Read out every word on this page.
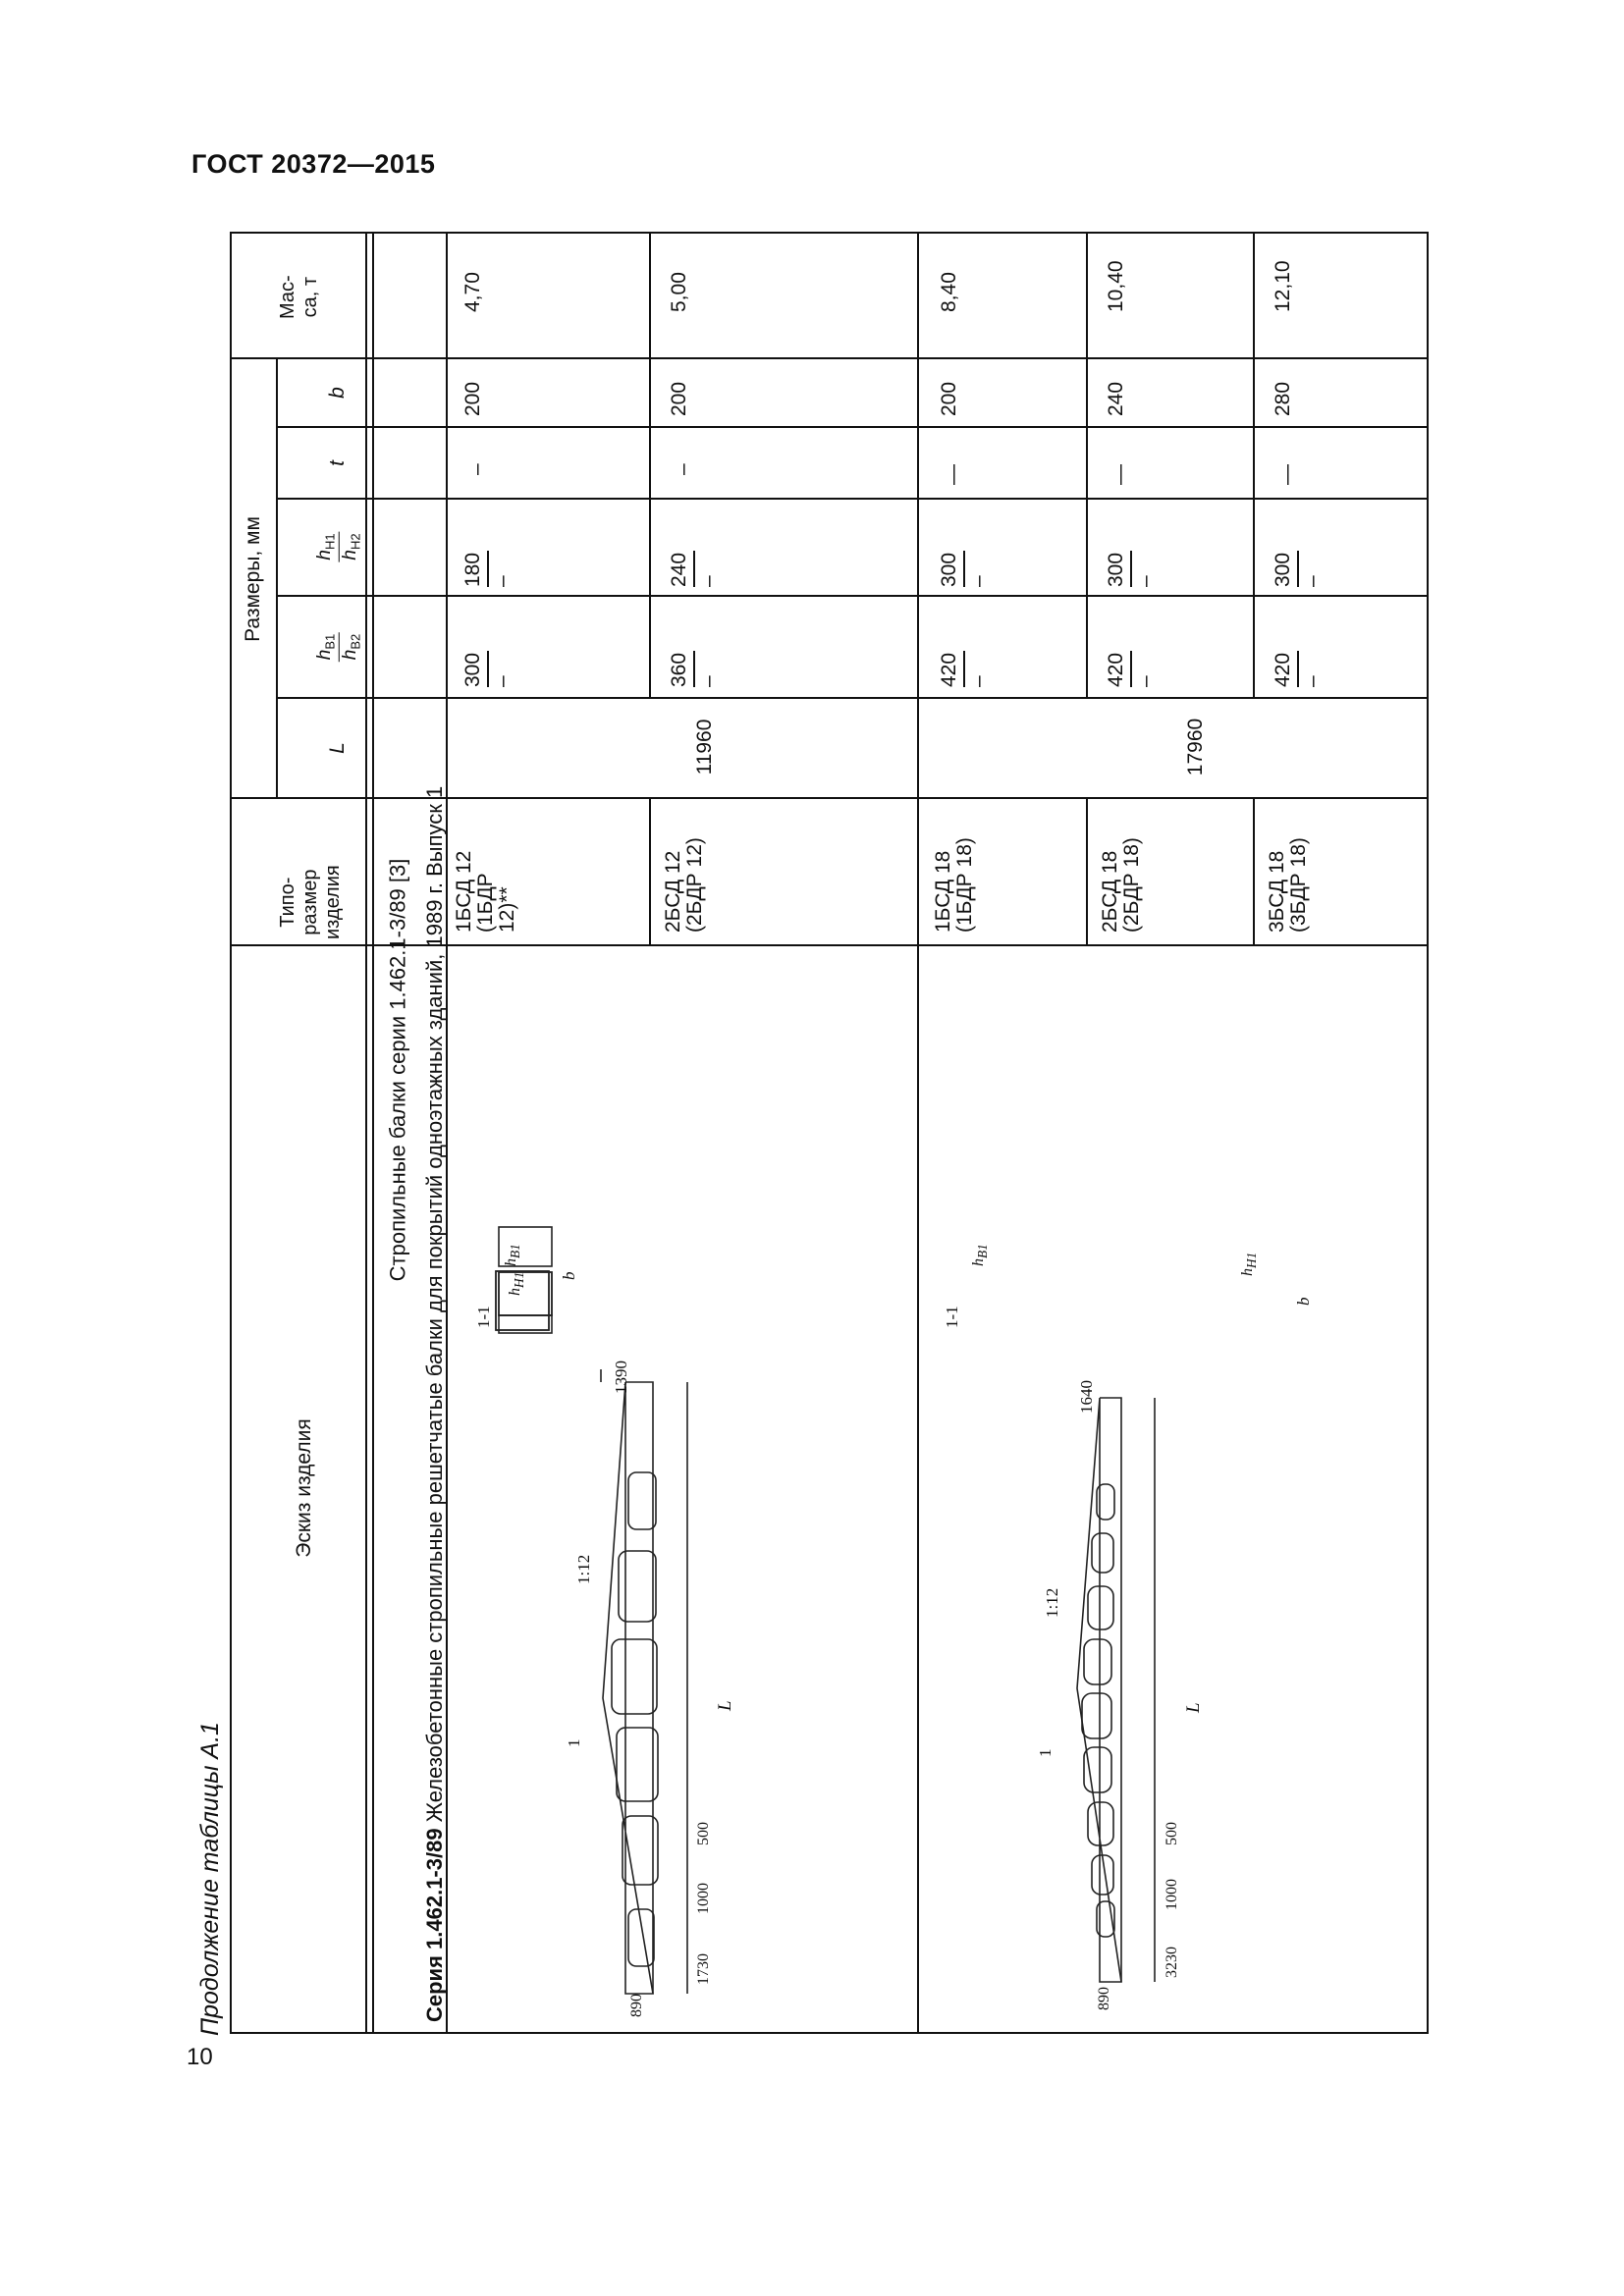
ГОСТ 20372—2015
10
Продолжение таблицы А.1
Эскиз изделия

Типо-
размер
изделия
Размеры, мм
L
$h_{B1}$
$h_{B2}$
$h_{H1}$
$h_{H2}$
t
b
Мас-
са, т
Стропильные балки серии 1.462.1-3/89 [3]
Серия 1.462.1-3/89 Железобетонные стропильные решетчатые балки для покрытий одноэтажных зданий, 1989 г. Выпуск 1
11960	17960
1БСД 12
(1БДР
12)**
300 –
180 –
–
200
4,70
2БСД 12
(2БДР 12)
360 –
240 –
–
200
5,00
1БСД 18
(1БДР 18)
420 –
300 –
—
200
8,40
2БСД 18
(2БДР 18)
420 –
300 –
—
240
10,40
3БСД 18
(3БДР 18)
420 –
300 –
—
280
12,10
1-1
$h_{B1}$
$h_{H1}$ b
1390
1:12
1
L
500
1000
1730
890
1-1
$h_{B1}$
$h_{H1}$
b
1640
1:12
1
L
500
1000
3230
890
